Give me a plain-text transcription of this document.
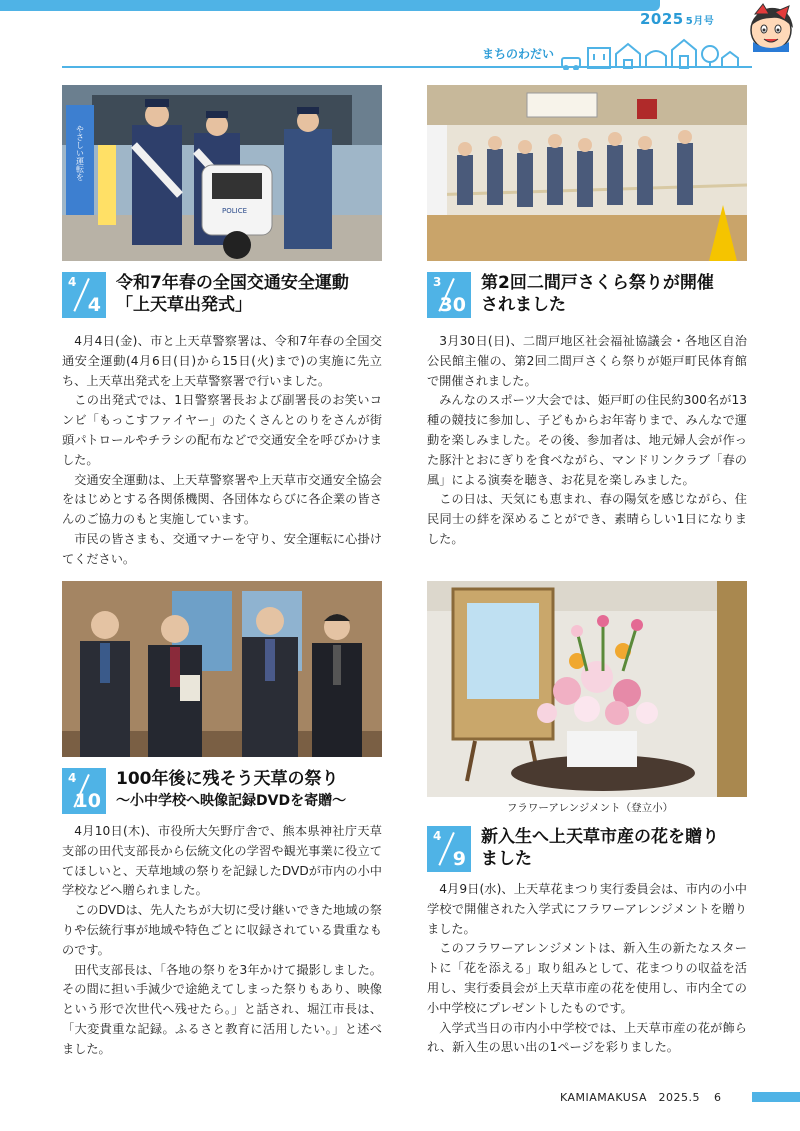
2025 5月号
まちのわだい
やさしい運転を
POLICE
4
4
令和7年春の全国交通安全運動
「上天草出発式」

4月4日(金)、市と上天草警察署は、令和7年春の全国交通安全運動(4月6日(日)から15日(火)まで)の実施に先立ち、上天草出発式を上天草警察署で行いました。

この出発式では、1日警察署長および副署長のお笑いコンビ「もっこすファイヤー」のたくさんとのりをさんが街頭パトロールやチラシの配布などで交通安全を呼びかけました。

交通安全運動は、上天草警察署や上天草市交通安全協会をはじめとする各関係機関、各団体ならびに各企業の皆さんのご協力のもと実施しています。

市民の皆さまも、交通マナーを守り、安全運転に心掛けてください。

3
30
第2回二間戸さくら祭りが開催
されました

3月30日(日)、二間戸地区社会福祉協議会・各地区自治公民館主催の、第2回二間戸さくら祭りが姫戸町民体育館で開催されました。

みんなのスポーツ大会では、姫戸町の住民約300名が13種の競技に参加し、子どもからお年寄りまで、みんなで運動を楽しみました。その後、参加者は、地元婦人会が作った豚汁とおにぎりを食べながら、マンドリンクラブ「春の風」による演奏を聴き、お花見を楽しみました。

この日は、天気にも恵まれ、春の陽気を感じながら、住民同士の絆を深めることができ、素晴らしい1日になりました。

4
10
100年後に残そう天草の祭り
～小中学校へ映像記録DVDを寄贈～

4月10日(木)、市役所大矢野庁舎で、熊本県神社庁天草支部の田代支部長から伝統文化の学習や観光事業に役立ててほしいと、天草地域の祭りを記録したDVDが市内の小中学校などへ贈られました。

このDVDは、先人たちが大切に受け継いできた地域の祭りや伝統行事が地域や特色ごとに収録されている貴重なものです。

田代支部長は、「各地の祭りを3年かけて撮影しました。その間に担い手減少で途絶えてしまった祭りもあり、映像という形で次世代へ残せたら。」と話され、堀江市長は、「大変貴重な記録。ふるさと教育に活用したい。」と述べました。

フラワーアレンジメント（登立小）
4
9
新入生へ上天草市産の花を贈り
ました

4月9日(水)、上天草花まつり実行委員会は、市内の小中学校で開催された入学式にフラワーアレンジメントを贈りました。

このフラワーアレンジメントは、新入生の新たなスタートに「花を添える」取り組みとして、花まつりの収益を活用し、実行委員会が上天草市産の花を使用し、市内全ての小中学校にプレゼントしたものです。

入学式当日の市内小中学校では、上天草市産の花が飾られ、新入生の思い出の1ページを彩りました。

KAMIAMAKUSA　2025.5 6
